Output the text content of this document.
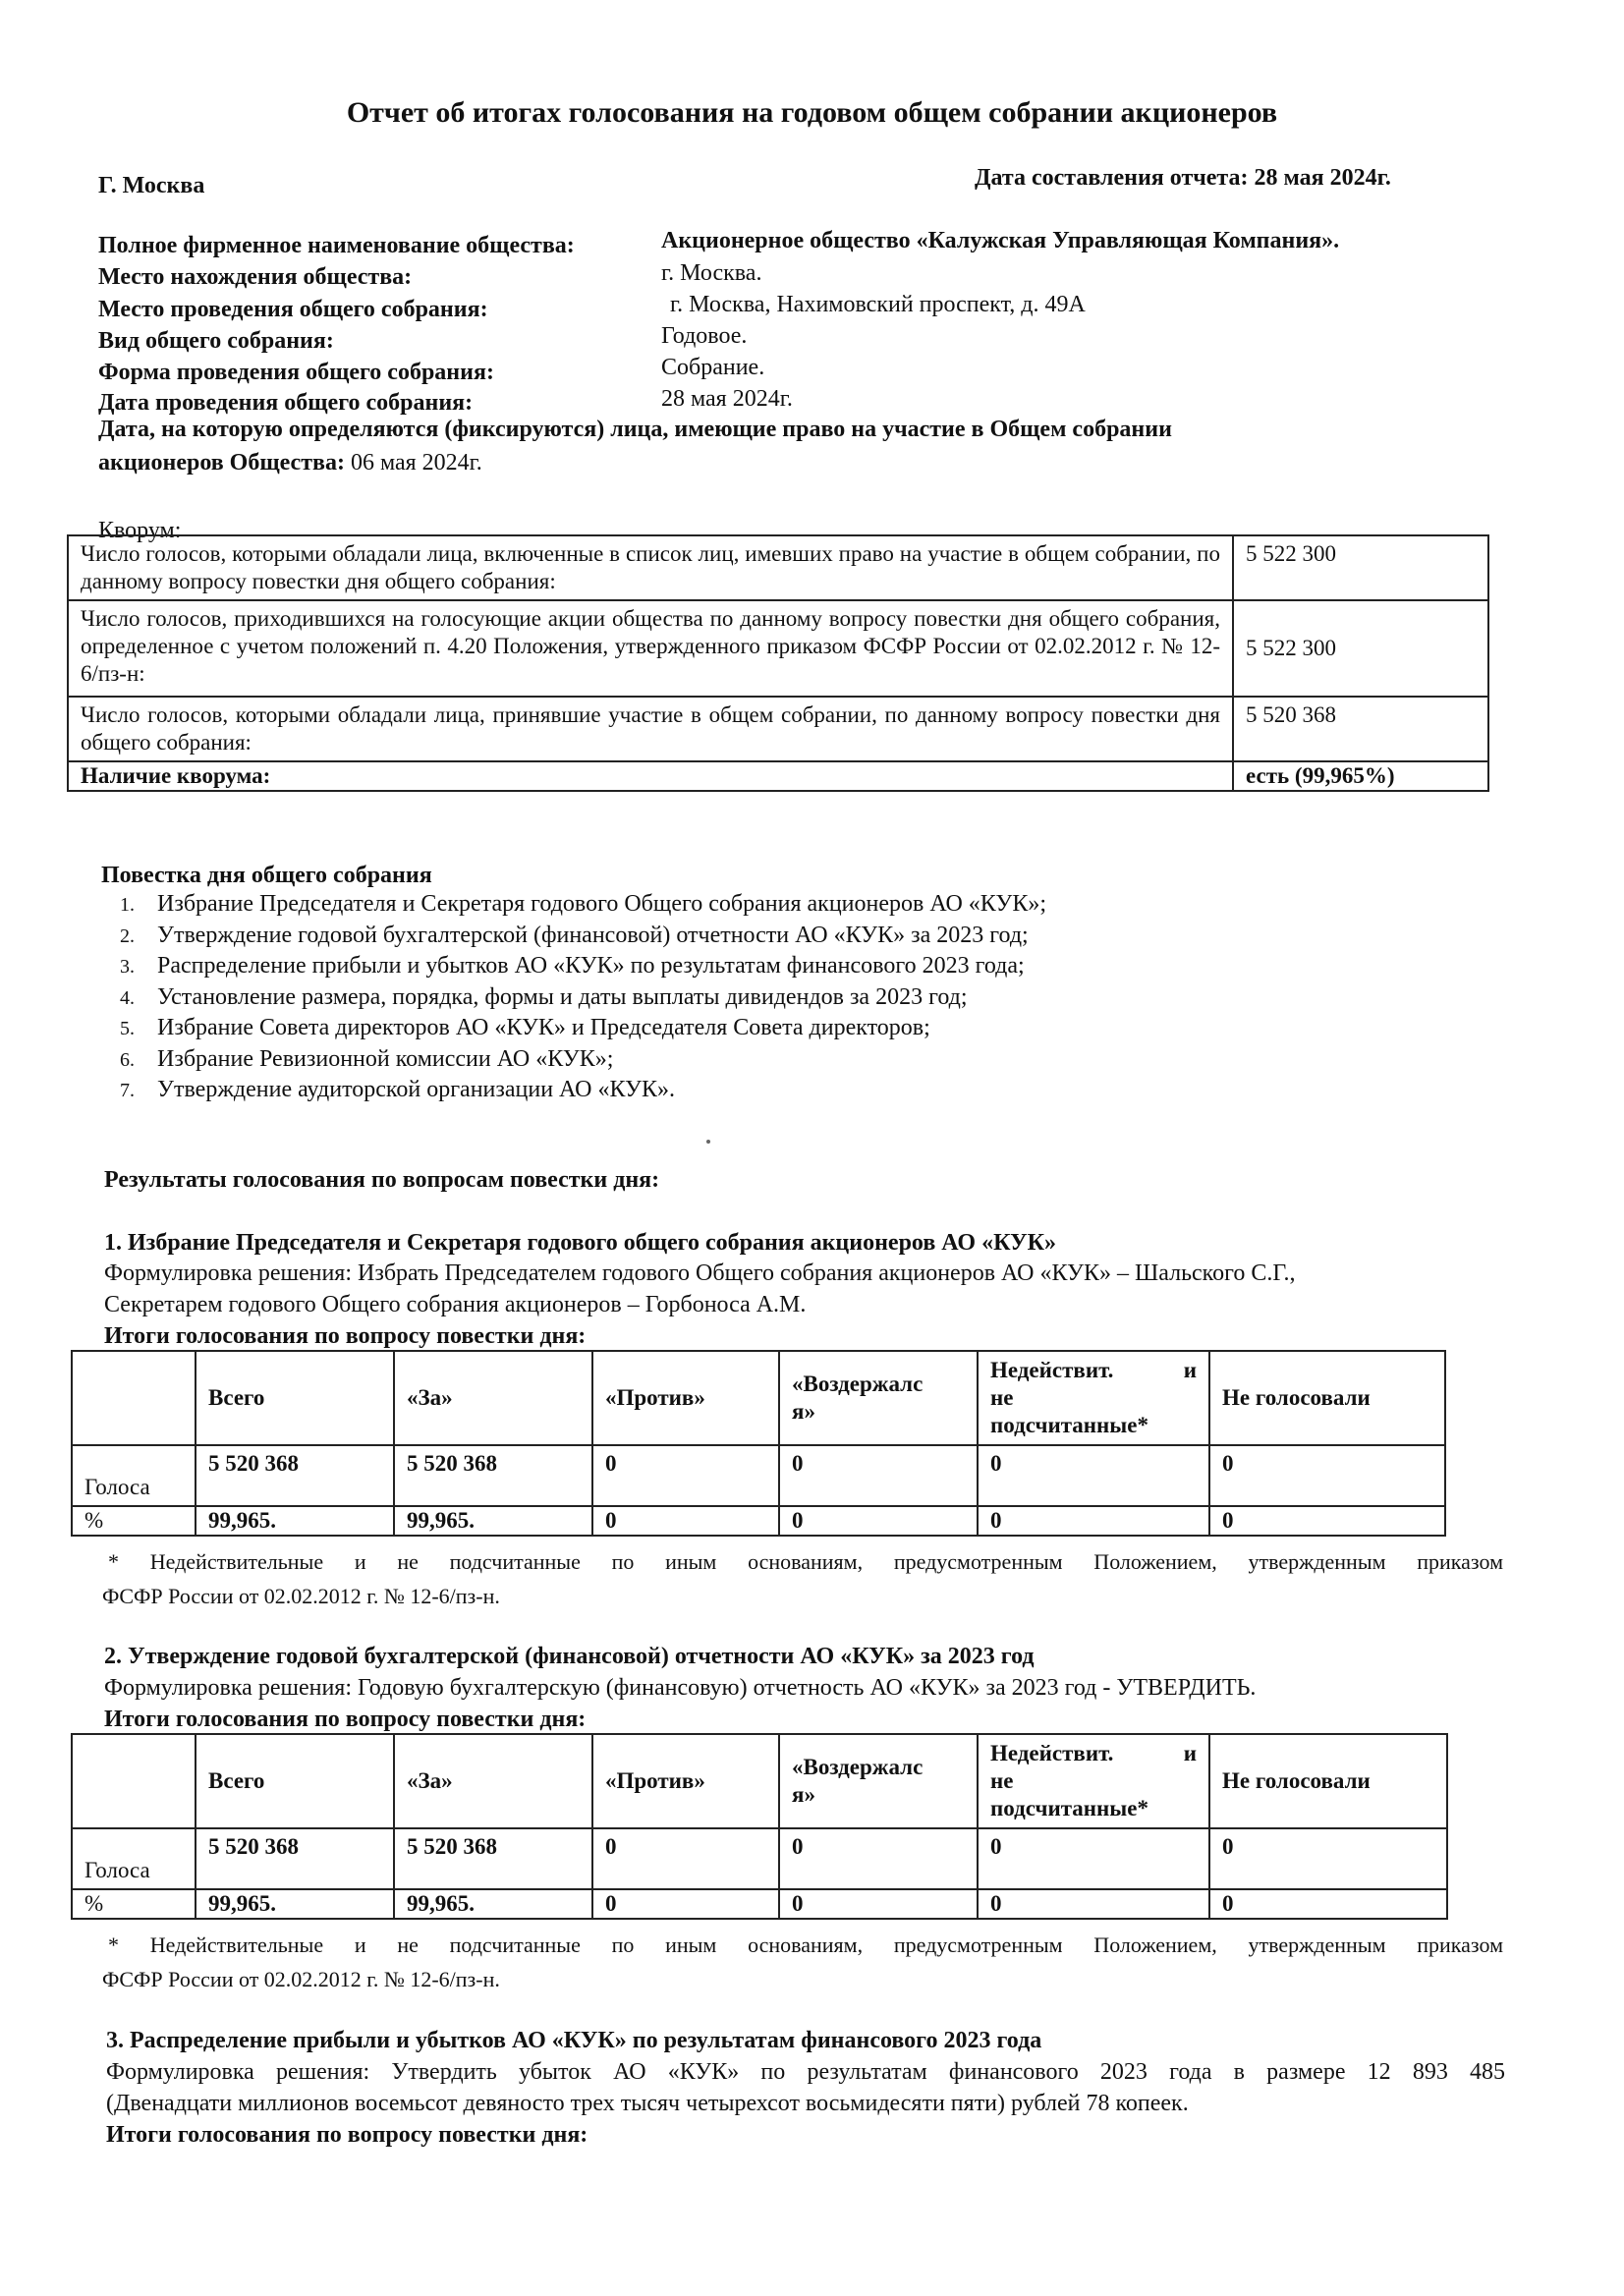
Отчет об итогах голосования на годовом общем собрании акционеров
Г. Москва	Дата составления отчета: 28 мая 2024г.
Полное фирменное наименование общества:	Акционерное общество «Калужская Управляющая Компания».
Место нахождения общества:	г. Москва.
Место проведения общего собрания:	г. Москва, Нахимовский проспект, д. 49А
Вид общего собрания:	Годовое.
Форма проведения общего собрания:	Собрание.
Дата проведения общего собрания:	28 мая 2024г.
Дата, на которую определяются (фиксируются) лица, имеющие право на участие в Общем собрании
акционеров Общества: 06 мая 2024г.
Кворум:
Число голосов, которыми обладали лица, включенные в список лиц, имевших право на участие в общем собрании, по данному вопросу повестки дня общего собрания:	5 522 300
Число голосов, приходившихся на голосующие акции общества по данному вопросу повестки дня общего собрания, определенное с учетом положений п. 4.20 Положения, утвержденного приказом ФСФР России от 02.02.2012 г. № 12-6/пз-н:	5 522 300
Число голосов, которыми обладали лица, принявшие участие в общем собрании, по данному вопросу повестки дня общего собрания:	5 520 368
Наличие кворума:	есть (99,965%)
Повестка дня общего собрания
1. Избрание Председателя и Секретаря годового Общего собрания акционеров АО «КУК»;
2. Утверждение годовой бухгалтерской (финансовой) отчетности АО «КУК» за 2023 год;
3. Распределение прибыли и убытков АО «КУК» по результатам финансового 2023 года;
4. Установление размера, порядка, формы и даты выплаты дивидендов за 2023 год;
5. Избрание Совета директоров АО «КУК» и Председателя Совета директоров;
6. Избрание Ревизионной комиссии АО «КУК»;
7. Утверждение аудиторской организации АО «КУК».
Результаты голосования по вопросам повестки дня:
1. Избрание Председателя и Секретаря годового общего собрания акционеров АО «КУК»
Формулировка решения: Избрать Председателем годового Общего собрания акционеров АО «КУК» – Шальского С.Г.,
Секретарем годового Общего собрания акционеров – Горбоноса А.М.
Итоги голосования по вопросу повестки дня:
	Всего	«За»	«Против»	«Воздержалс
я»	Недействит. и
не
подсчитанные*	Не голосовали
Голоса	5 520 368	5 520 368	0	0	0	0
%	99,965.	99,965.	0	0	0	0
* Недействительные и не подсчитанные по иным основаниям, предусмотренным Положением, утвержденным приказом
ФСФР России от 02.02.2012 г. № 12-6/пз-н.
2. Утверждение годовой бухгалтерской (финансовой) отчетности АО «КУК» за 2023 год
Формулировка решения: Годовую бухгалтерскую (финансовую) отчетность АО «КУК» за 2023 год - УТВЕРДИТЬ.
Итоги голосования по вопросу повестки дня:
	Всего	«За»	«Против»	«Воздержалс
я»	Недействит. и
не
подсчитанные*	Не голосовали
Голоса	5 520 368	5 520 368	0	0	0	0
%	99,965.	99,965.	0	0	0	0
* Недействительные и не подсчитанные по иным основаниям, предусмотренным Положением, утвержденным приказом
ФСФР России от 02.02.2012 г. № 12-6/пз-н.
3. Распределение прибыли и убытков АО «КУК» по результатам финансового 2023 года
Формулировка решения: Утвердить убыток АО «КУК» по результатам финансового 2023 года в размере 12 893 485
(Двенадцати миллионов восемьсот девяносто трех тысяч четырехсот восьмидесяти пяти) рублей 78 копеек.
Итоги голосования по вопросу повестки дня:
